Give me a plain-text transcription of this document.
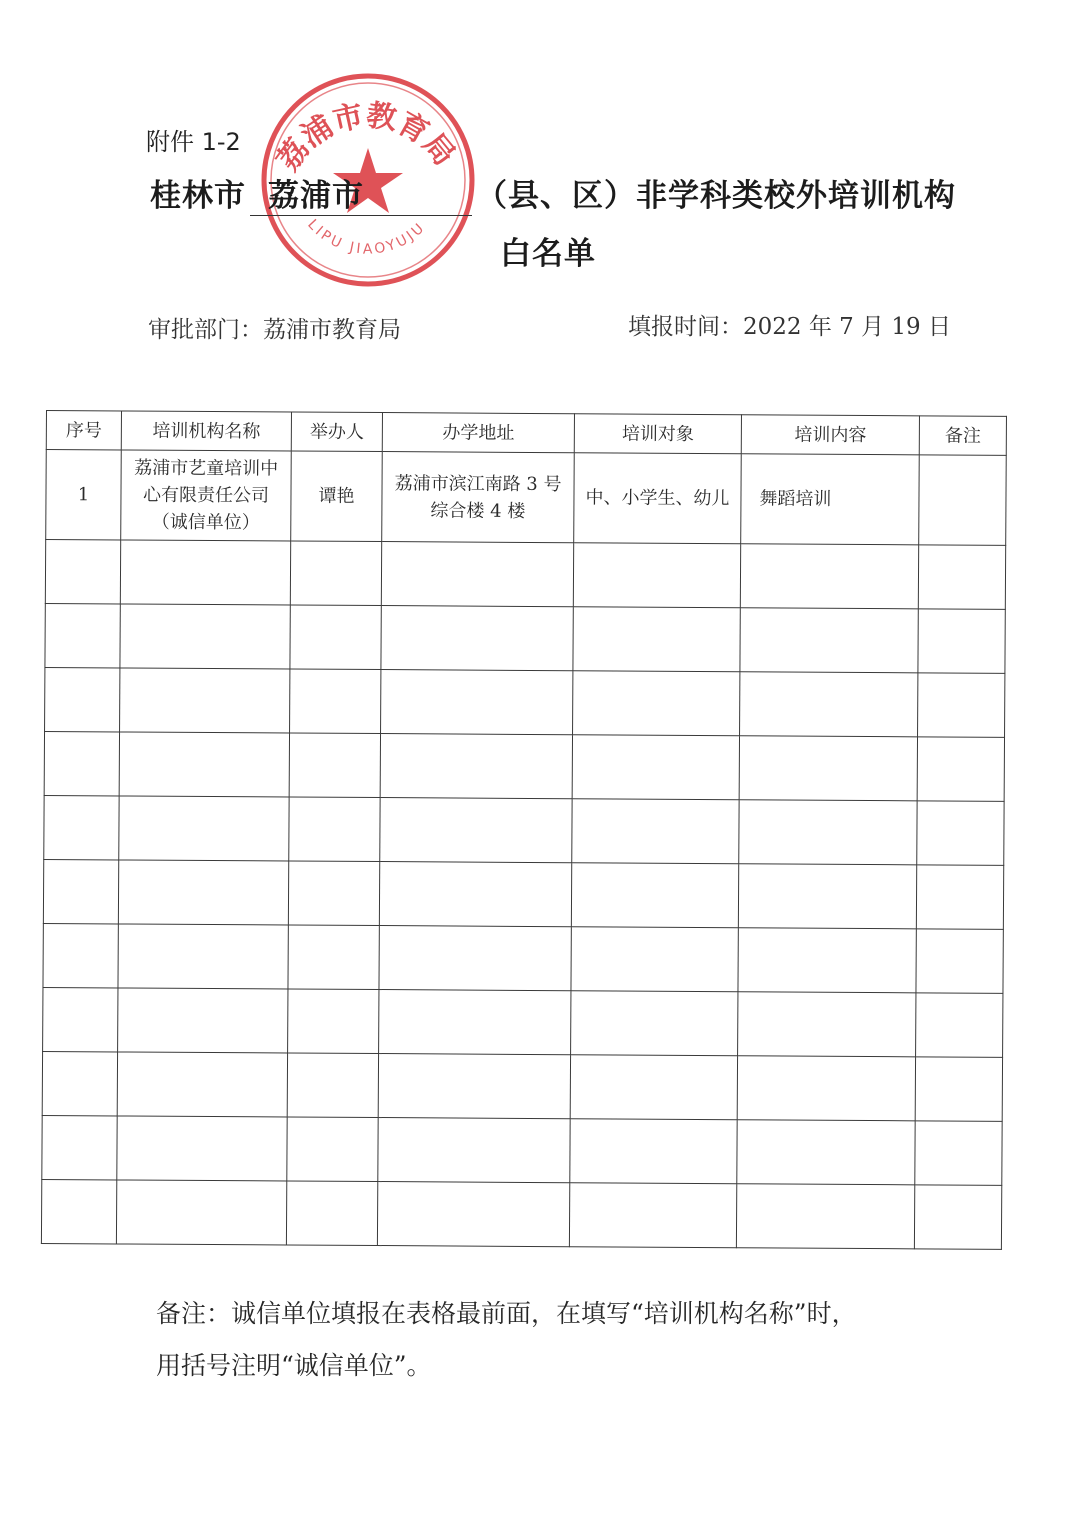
附件 1-2 荔浦市教育局
LIPU JIAOYUJU
桂林市 荔浦市	（县、区）非学科类校外培训机构
白名单
审批部门：荔浦市教育局	填报时间：2022 年 7 月 19 日
序号	培训机构名称	举办人	办学地址	培训对象	培训内容	备注
1	荔浦市艺童培训中心有限责任公司（诚信单位）	谭艳	荔浦市滨江南路 3 号综合楼 4 楼	中、小学生、幼儿	舞蹈培训	

备注：诚信单位填报在表格最前面，在填写“培训机构名称”时，
用括号注明“诚信单位”。
